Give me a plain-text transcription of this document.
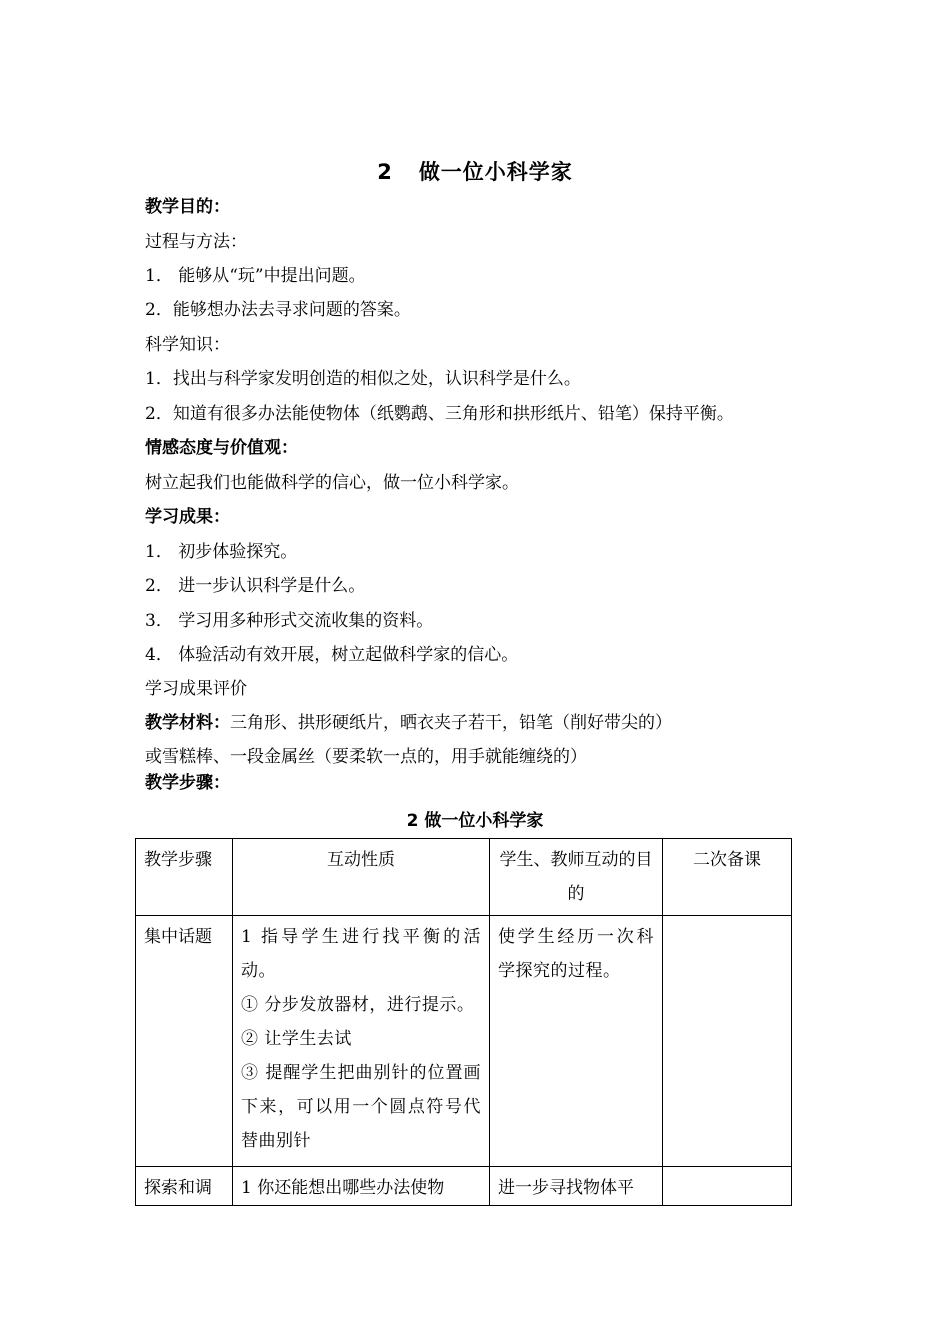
2 做一位小科学家
教学目的：
过程与方法：
1． 能够从“玩”中提出问题。
2．能够想办法去寻求问题的答案。
科学知识：
1．找出与科学家发明创造的相似之处，认识科学是什么。
2．知道有很多办法能使物体（纸鹦鹉、三角形和拱形纸片、铅笔）保持平衡。
情感态度与价值观：
树立起我们也能做科学的信心，做一位小科学家。
学习成果：
1． 初步体验探究。
2． 进一步认识科学是什么。
3． 学习用多种形式交流收集的资料。
4． 体验活动有效开展，树立起做科学家的信心。
学习成果评价
教学材料：三角形、拱形硬纸片，晒衣夹子若干，铅笔（削好带尖的）
或雪糕棒、一段金属丝（要柔软一点的，用手就能缠绕的）
教学步骤：
2 做一位小科学家
教学步骤	互动性质	学生、教师互动的目的	二次备课
集中话题	1 指导学生进行找平衡的活动。
① 分步发放器材，进行提示。
② 让学生去试
③ 提醒学生把曲别针的位置画下来，可以用一个圆点符号代替曲别针	使学生经历一次科学探究的过程。	
探索和调	1 你还能想出哪些办法使物	进一步寻找物体平	
